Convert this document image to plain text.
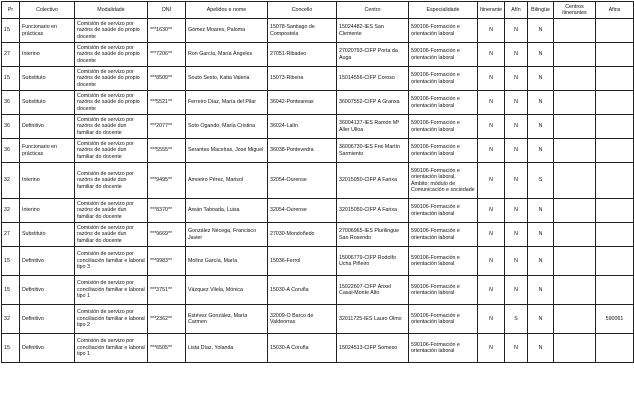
Pr	Colectivo	Modalidade	DNI	Apelidos e nome	Concello	Centro	Especialidade	Itinerante	Afín	Bilingüe	Centros itinerantes	Afins
15	Funcionario en prácticas	Comisión de servizo por razóns de saúde do propio docente	***1630**	Gómez Moares, Paloma	15078-Santiago de Compostela	15024482-IES San Clemente	590106-Formación e orientación laboral	N	N	N		
27	Interino	Comisión de servizo por razóns de saúde do propio docente	***7206**	Ron García, María Ángeles	27051-Ribadeo	27020793-CIFP Porta da Auga	590106-Formación e orientación laboral	N	N	N		
15	Substituto	Comisión de servizo por razóns de saúde do propio docente	***8500**	Souto Sesto, Katia Valeria	15073-Ribeira	15014556-CIFP Coroso	590106-Formación e orientación laboral	N	N	N		
36	Substituto	Comisión de servizo por razóns de saúde do propio docente	***5521**	Ferreiro Díaz, María del Pilar	36042-Ponteareas	36007552-CIFP A Granxa	590106-Formación e orientación laboral	N	N	N		
36	Definitivo	Comisión de servizo por razóns de saúde dun familiar do docente	***2077**	Soto Ogando, María Cristina	36024-Lalín	36004137-IES Ramón Mª Aller Ulloa	590106-Formación e orientación laboral	N	N	N		
36	Funcionario en prácticas	Comisión de servizo por razóns de saúde dun familiar do docente	***5555**	Serantes Macelras, José Miguel	36038-Pontevedra	36006730-IES Frei Martín Sarmiento	590106-Formación e orientación laboral	N	N	N		
32	Interino	Comisión de servizo por razóns de saúde dun familiar do docente	***9495**	Amoeiro Pérez, Marisol	32054-Ourense	32015050-CIFP A Farixa	590106-Formación e orientación laboral. Ámbito: módulo de Comunicación e sociedade	N	N	S		
32	Interino	Comisión de servizo por razóns de saúde dun familiar do docente	***8370**	Areán Taboada, Luisa	32054-Ourense	32015050-CIFP A Farixa	590106-Formación e orientación laboral	N	N	N		
27	Substituto	Comisión de servizo por razóns de saúde dun familiar do docente	***9669**	González Nécega, Francisco Javier	27030-Mondoñedo	27006965-IES Plurilingüe San Rosendo	590106-Formación e orientación laboral	N	N	N		
15	Definitivo	Comisión de servizo por conciliación familiar e laboral tipo 3	***9983**	Molins García, María	15036-Ferrol	15006779-CIFP Rodolfo Ucha Piñeiro	590106-Formación e orientación laboral	N	N	N		
15	Definitivo	Comisión de servizo por conciliación familiar e laboral tipo 1	***3751**	Vázquez Vilela, Mónica	15030-A Coruña	15022607-CIFP Ánxel Casal-Monte Alto	590106-Formación e orientación laboral	N	N	N		
32	Definitivo	Comisión de servizo por conciliación familiar e laboral tipo 2	***2362**	Estévez González, María Carmen	32009-O Barco de Valdeorras	32011725-IES Lauro Olmo	590106-Formación e orientación laboral	N	S	N		590061
15	Definitivo	Comisión de servizo por conciliación familiar e laboral tipo 1	***6505**	Lista Díaz, Yolanda	15030-A Coruña	15024513-CIFP Someso	590106-Formación e orientación laboral	N	N	N		
